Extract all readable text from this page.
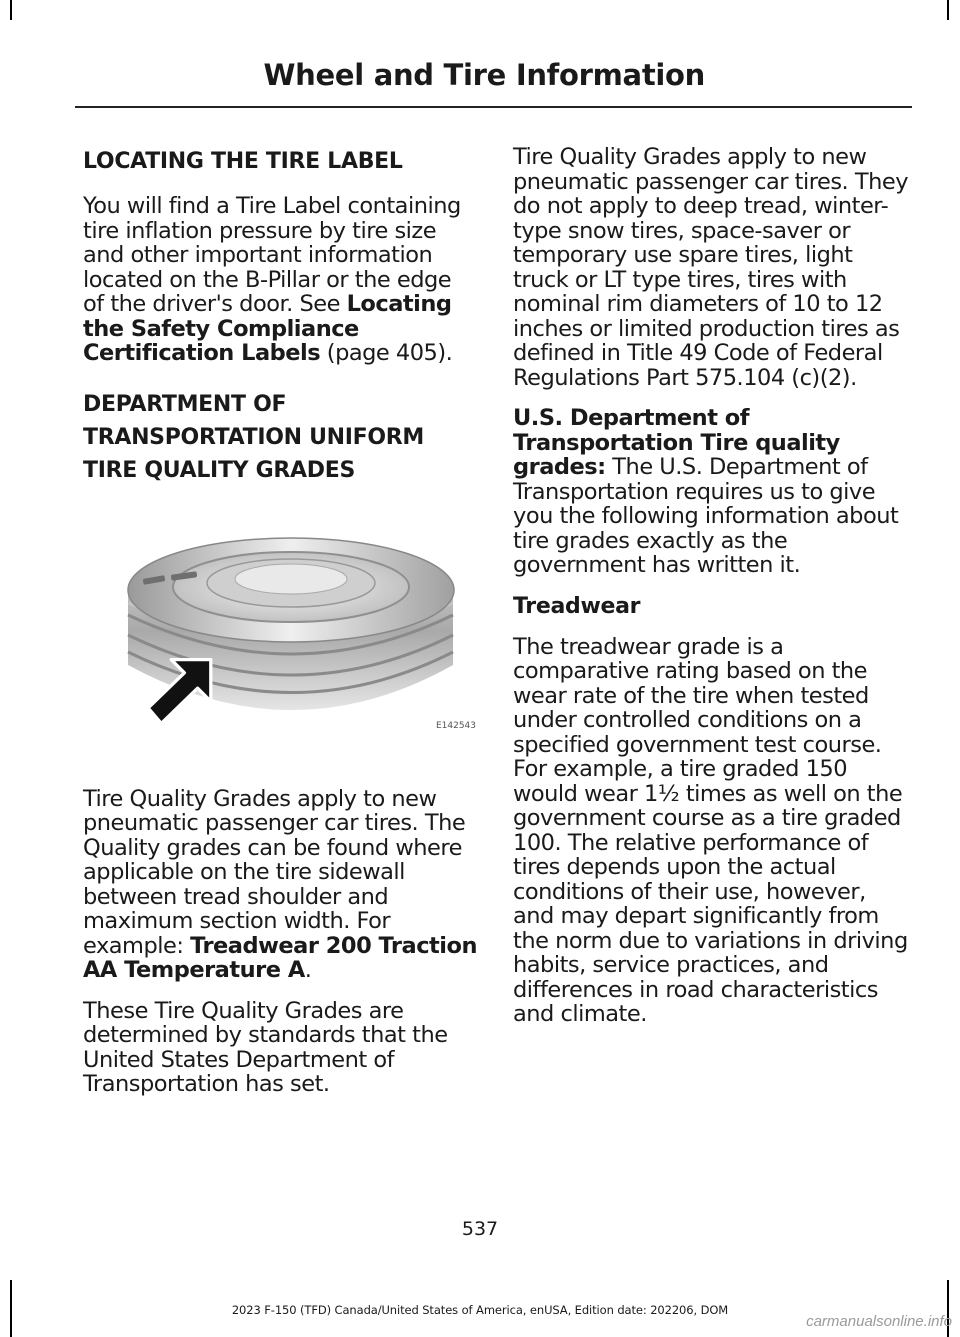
Wheel and Tire Information
LOCATING THE TIRE LABEL

You will find a Tire Label containing tire inflation pressure by tire size and other important information located on the B-Pillar or the edge of the driver's door. See Locating the Safety Compliance Certification Labels (page 405).

DEPARTMENT OF
TRANSPORTATION UNIFORM
TIRE QUALITY GRADES
E142543

Tire Quality Grades apply to new pneumatic passenger car tires. The Quality grades can be found where applicable on the tire sidewall between tread shoulder and maximum section width. For example: Treadwear 200 Traction AA Temperature A.

These Tire Quality Grades are determined by standards that the United States Department of Transportation has set.

Tire Quality Grades apply to new pneumatic passenger car tires. They do not apply to deep tread, winter-type snow tires, space-saver or temporary use spare tires, light truck or LT type tires, tires with nominal rim diameters of 10 to 12 inches or limited production tires as defined in Title 49 Code of Federal Regulations Part 575.104 (c)(2).

U.S. Department of Transportation Tire quality grades: The U.S. Department of Transportation requires us to give you the following information about tire grades exactly as the government has written it.

Treadwear

The treadwear grade is a comparative rating based on the wear rate of the tire when tested under controlled conditions on a specified government test course. For example, a tire graded 150 would wear 1½ times as well on the government course as a tire graded 100. The relative performance of tires depends upon the actual conditions of their use, however, and may depart significantly from the norm due to variations in driving habits, service practices, and differences in road characteristics and climate.

537
2023 F-150 (TFD) Canada/United States of America, enUSA, Edition date: 202206, DOM
carmanualsonline.info
